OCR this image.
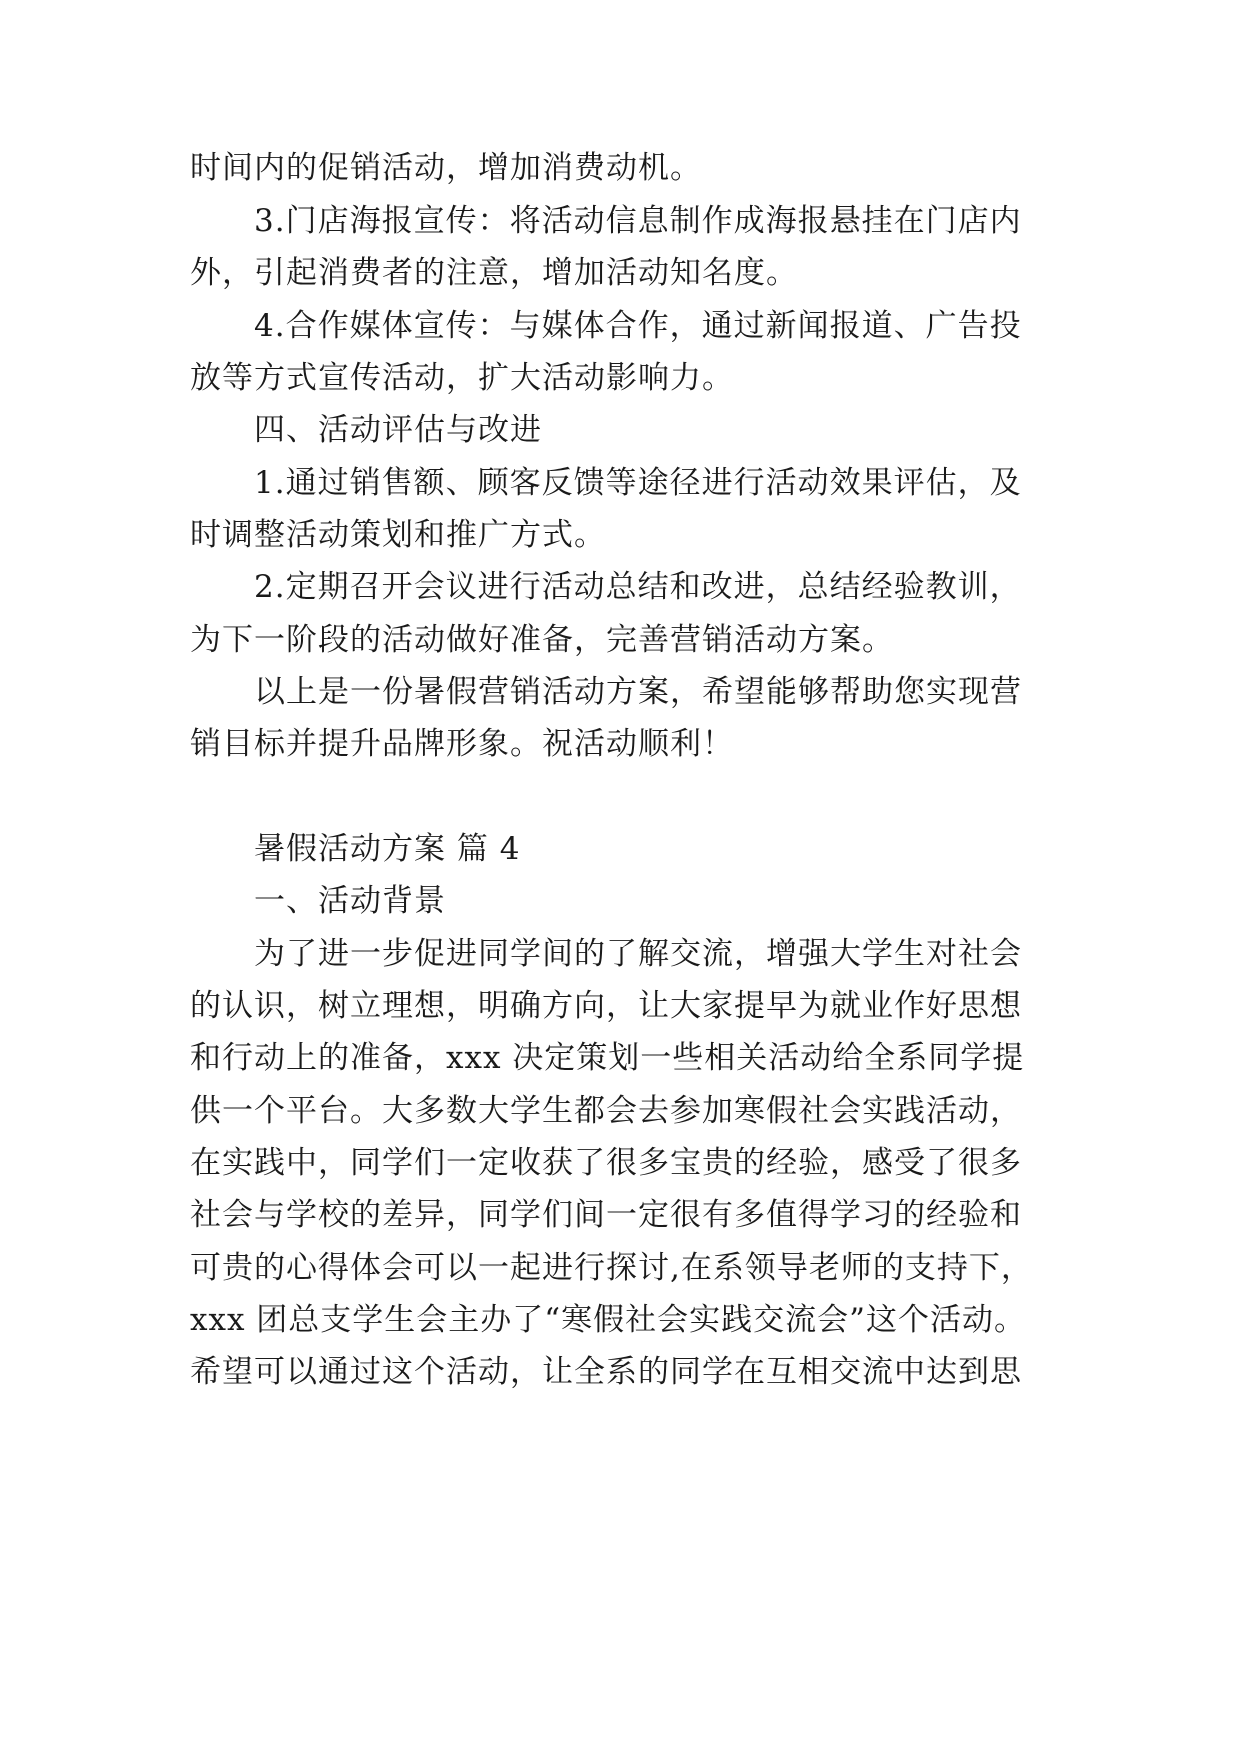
时间内的促销活动，增加消费动机。
3.门店海报宣传：将活动信息制作成海报悬挂在门店内
外，引起消费者的注意，增加活动知名度。
4.合作媒体宣传：与媒体合作，通过新闻报道、广告投
放等方式宣传活动，扩大活动影响力。
四、活动评估与改进
1.通过销售额、顾客反馈等途径进行活动效果评估，及
时调整活动策划和推广方式。
2.定期召开会议进行活动总结和改进，总结经验教训，
为下一阶段的活动做好准备，完善营销活动方案。
以上是一份暑假营销活动方案，希望能够帮助您实现营
销目标并提升品牌形象。祝活动顺利！
暑假活动方案 篇 4
一、活动背景
为了进一步促进同学间的了解交流，增强大学生对社会
的认识，树立理想，明确方向，让大家提早为就业作好思想
和行动上的准备，xxx 决定策划一些相关活动给全系同学提
供一个平台。大多数大学生都会去参加寒假社会实践活动，
在实践中，同学们一定收获了很多宝贵的经验，感受了很多
社会与学校的差异，同学们间一定很有多值得学习的经验和
可贵的心得体会可以一起进行探讨,在系领导老师的支持下，
xxx 团总支学生会主办了“寒假社会实践交流会”这个活动。
希望可以通过这个活动，让全系的同学在互相交流中达到思
